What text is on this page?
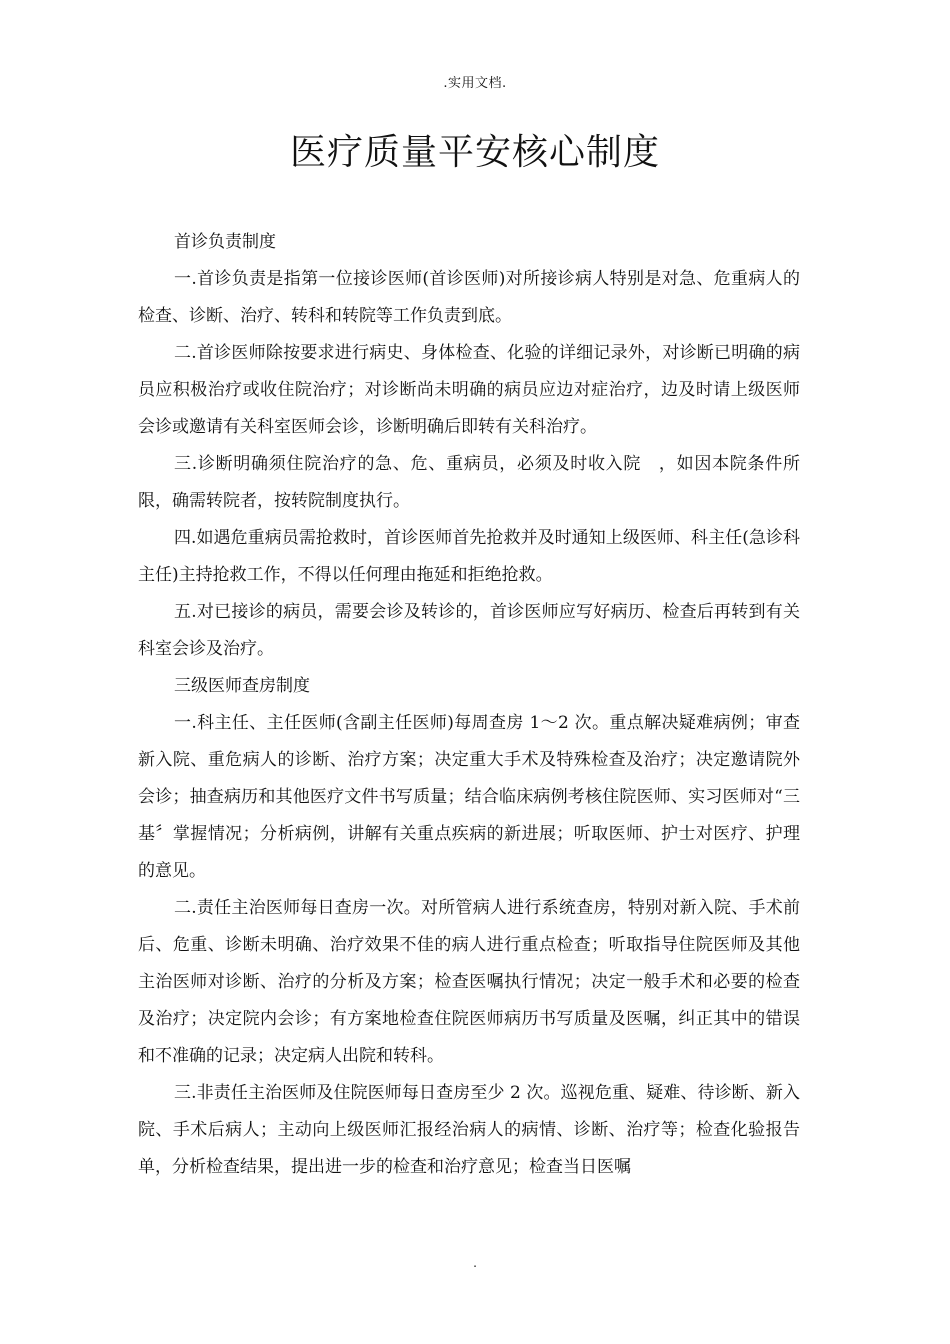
.实用文档.
医疗质量平安核心制度

首诊负责制度

一.首诊负责是指第一位接诊医师(首诊医师)对所接诊病人特别是对急、危重病人的检查、诊断、治疗、转科和转院等工作负责到底。

二.首诊医师除按要求进行病史、身体检查、化验的详细记录外，对诊断已明确的病员应积极治疗或收住院治疗；对诊断尚未明确的病员应边对症治疗，边及时请上级医师会诊或邀请有关科室医师会诊，诊断明确后即转有关科治疗。

三.诊断明确须住院治疗的急、危、重病员，必须及时收入院　，如因本院条件所限，确需转院者，按转院制度执行。

四.如遇危重病员需抢救时，首诊医师首先抢救并及时通知上级医师、科主任(急诊科主任)主持抢救工作，不得以任何理由拖延和拒绝抢救。

五.对已接诊的病员，需要会诊及转诊的，首诊医师应写好病历、检查后再转到有关科室会诊及治疗。

三级医师查房制度

一.科主任、主任医师(含副主任医师)每周查房 1～2 次。重点解决疑难病例；审查新入院、重危病人的诊断、治疗方案；决定重大手术及特殊检查及治疗；决定邀请院外会诊；抽查病历和其他医疗文件书写质量；结合临床病例考核住院医师、实习医师对“三基〞掌握情况；分析病例，讲解有关重点疾病的新进展；听取医师、护士对医疗、护理的意见。

二.责任主治医师每日查房一次。对所管病人进行系统查房，特别对新入院、手术前后、危重、诊断未明确、治疗效果不佳的病人进行重点检查；听取指导住院医师及其他主治医师对诊断、治疗的分析及方案；检查医嘱执行情况；决定一般手术和必要的检查及治疗；决定院内会诊；有方案地检查住院医师病历书写质量及医嘱，纠正其中的错误和不准确的记录；决定病人出院和转科。

三.非责任主治医师及住院医师每日查房至少 2 次。巡视危重、疑难、待诊断、新入院、手术后病人；主动向上级医师汇报经治病人的病情、诊断、治疗等；检查化验报告单，分析检查结果，提出进一步的检查和治疗意见；检查当日医嘱

.
